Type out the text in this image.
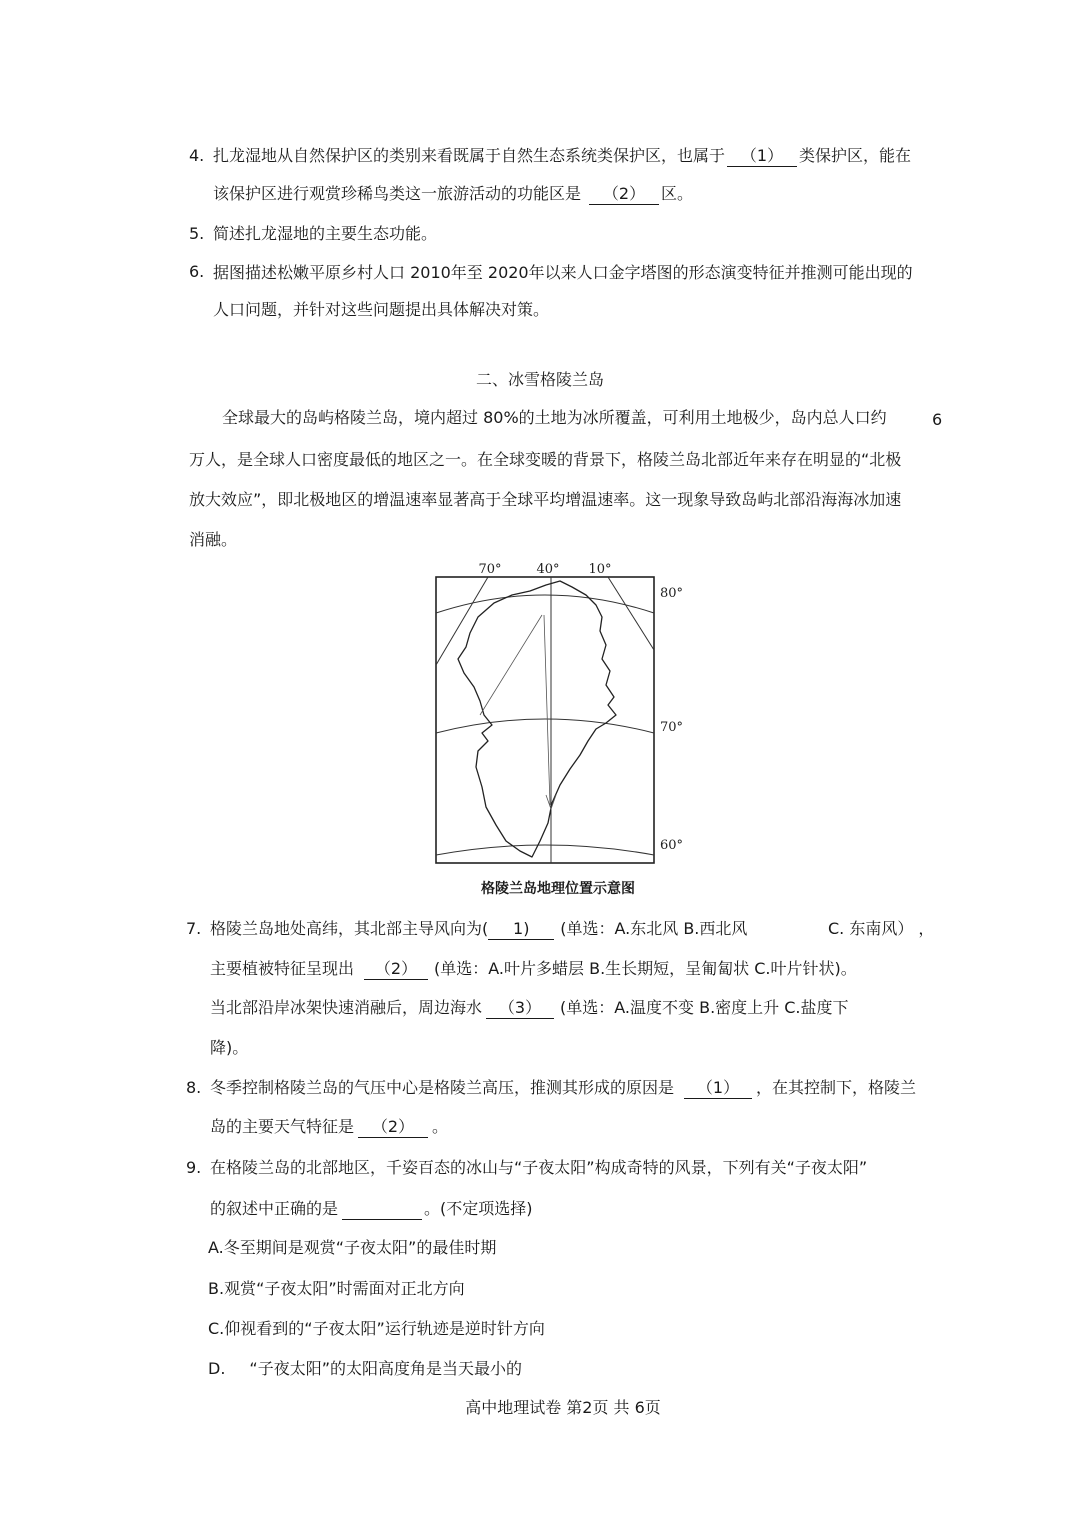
4. 扎龙湿地从自然保护区的类别来看既属于自然生态系统类保护区，也属于 （1） 类保护区，能在
该保护区进行观赏珍稀鸟类这一旅游活动的功能区是 （2） 区。
5. 简述扎龙湿地的主要生态功能。
6. 据图描述松嫩平原乡村人口 2010年至 2020年以来人口金字塔图的形态演变特征并推测可能出现的
人口问题，并针对这些问题提出具体解决对策。
二、冰雪格陵兰岛
全球最大的岛屿格陵兰岛，境内超过 80%的土地为冰所覆盖，可利用土地极少，岛内总人口约	6
万人，是全球人口密度最低的地区之一。在全球变暖的背景下，格陵兰岛北部近年来存在明显的“北极
放大效应”，即北极地区的增温速率显著高于全球平均增温速率。这一现象导致岛屿北部沿海海冰加速
消融。
70°	40° 10°
80°
70°
60°
格陵兰岛地理位置示意图
7. 格陵兰岛地处高纬，其北部主导风向为( 1) (单选：A.东北风 B.西北风	C. 东南风） ，
主要植被特征呈现出 （2） (单选：A.叶片多蜡层 B.生长期短，呈匍匐状 C.叶片针状)。
当北部沿岸冰架快速消融后，周边海水 （3） (单选：A.温度不变 B.密度上升 C.盐度下
降)。
8. 冬季控制格陵兰岛的气压中心是格陵兰高压，推测其形成的原因是 （1） ，在其控制下，格陵兰
岛的主要天气特征是 （2） 。
9. 在格陵兰岛的北部地区，千姿百态的冰山与“子夜太阳”构成奇特的风景，下列有关“子夜太阳”
的叙述中正确的是	。(不定项选择)
A.冬至期间是观赏“子夜太阳”的最佳时期
B.观赏“子夜太阳”时需面对正北方向
C.仰视看到的“子夜太阳”运行轨迹是逆时针方向
D. “子夜太阳”的太阳高度角是当天最小的
高中地理试卷 第2页 共 6页
